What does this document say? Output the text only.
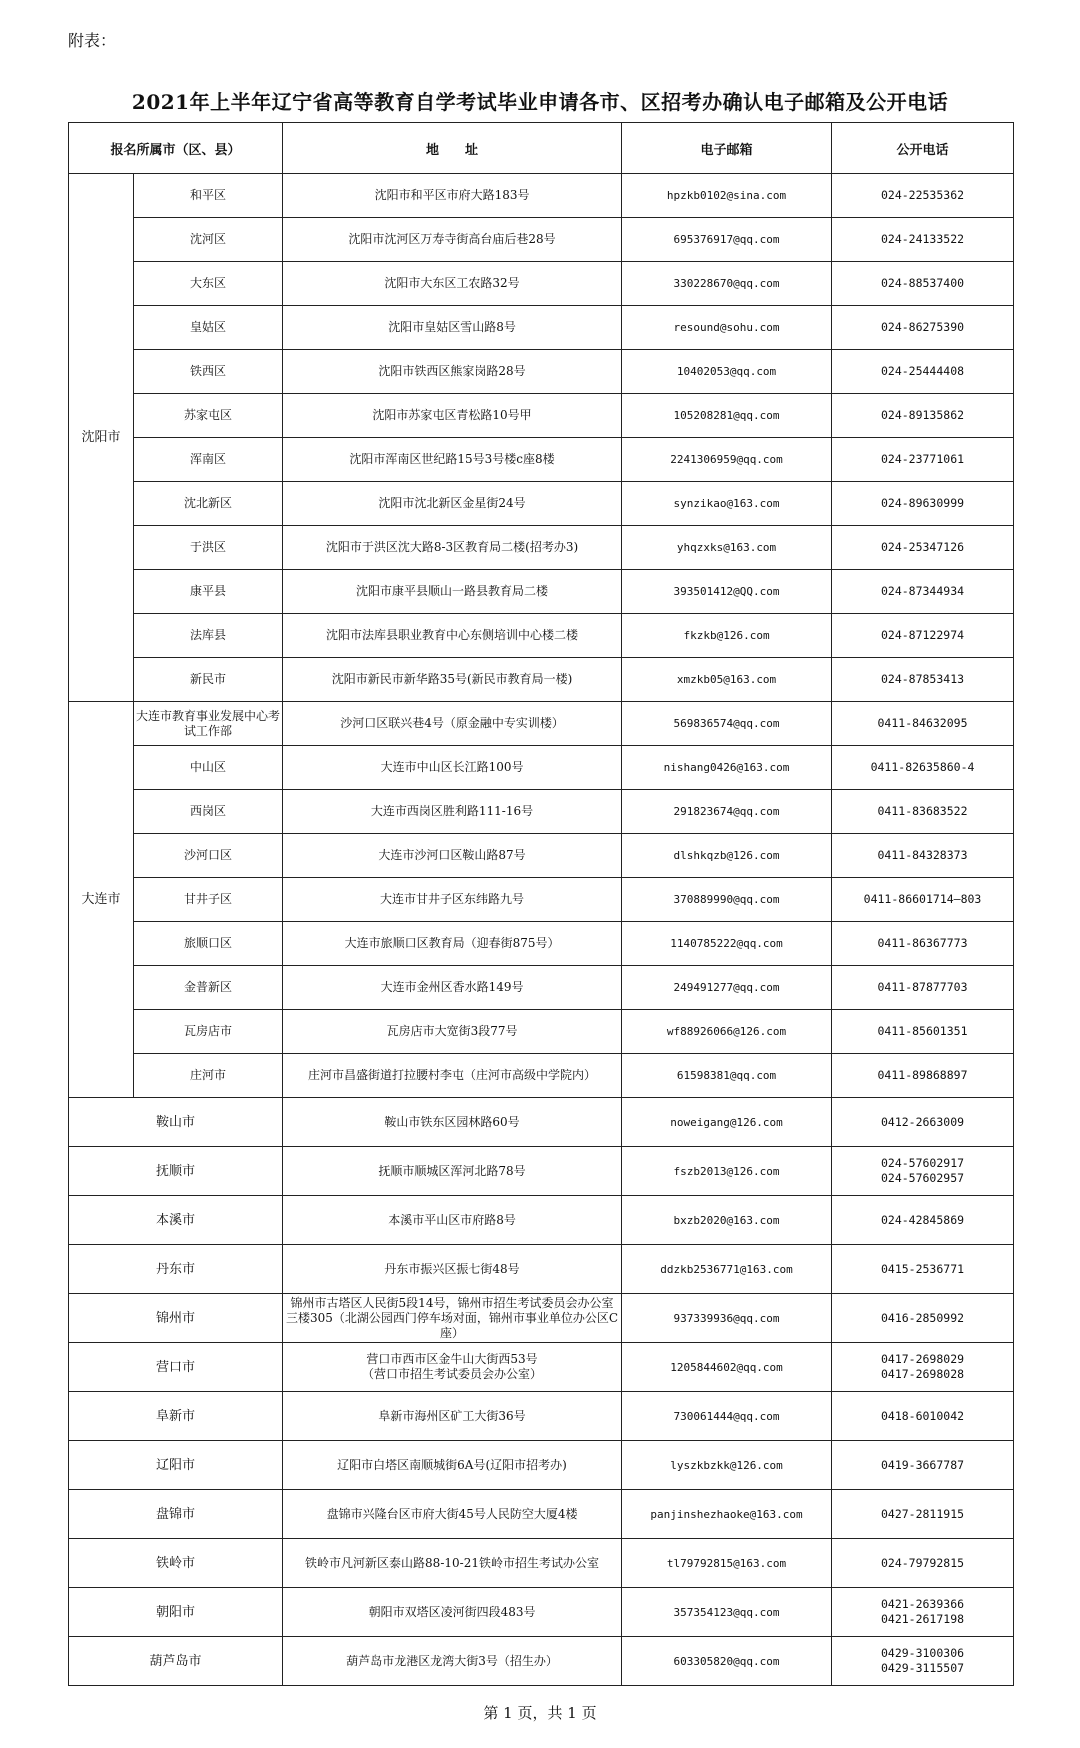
附表：
2021年上半年辽宁省高等教育自学考试毕业申请各市、区招考办确认电子邮箱及公开电话
报名所属市（区、县）		地　　址	电子邮箱	公开电话
沈阳市	和平区	沈阳市和平区市府大路183号	hpzkb0102@sina.com	024-22535362
	沈河区	沈阳市沈河区万寿寺街高台庙后巷28号	695376917@qq.com	024-24133522
	大东区	沈阳市大东区工农路32号	330228670@qq.com	024-88537400
	皇姑区	沈阳市皇姑区雪山路8号	resound@sohu.com	024-86275390
	铁西区	沈阳市铁西区熊家岗路28号	10402053@qq.com	024-25444408
	苏家屯区	沈阳市苏家屯区青松路10号甲	105208281@qq.com	024-89135862
	浑南区	沈阳市浑南区世纪路15号3号楼c座8楼	2241306959@qq.com	024-23771061
	沈北新区	沈阳市沈北新区金星街24号	synzikao@163.com	024-89630999
	于洪区	沈阳市于洪区沈大路8-3区教育局二楼(招考办3)	yhqzxks@163.com	024-25347126
	康平县	沈阳市康平县顺山一路县教育局二楼	393501412@QQ.com	024-87344934
	法库县	沈阳市法库县职业教育中心东侧培训中心楼二楼	fkzkb@126.com	024-87122974
	新民市	沈阳市新民市新华路35号(新民市教育局一楼)	xmzkb05@163.com	024-87853413
大连市	大连市教育事业发展中心考试工作部	沙河口区联兴巷4号（原金融中专实训楼）	569836574@qq.com	0411-84632095
	中山区	大连市中山区长江路100号	nishang0426@163.com	0411-82635860-4
	西岗区	大连市西岗区胜利路111-16号	291823674@qq.com	0411-83683522
	沙河口区	大连市沙河口区鞍山路87号	dlshkqzb@126.com	0411-84328373
	甘井子区	大连市甘井子区东纬路九号	370889990@qq.com	0411-86601714—803
	旅顺口区	大连市旅顺口区教育局（迎春街875号）	1140785222@qq.com	0411-86367773
	金普新区	大连市金州区香水路149号	249491277@qq.com	0411-87877703
	瓦房店市	瓦房店市大宽街3段77号	wf88926066@126.com	0411-85601351
	庄河市	庄河市昌盛街道打拉腰村李屯（庄河市高级中学院内）	61598381@qq.com	0411-89868897
鞍山市		鞍山市铁东区园林路60号	noweigang@126.com	0412-2663009
抚顺市		抚顺市顺城区浑河北路78号	fszb2013@126.com	024-57602917
024-57602957
本溪市		本溪市平山区市府路8号	bxzb2020@163.com	024-42845869
丹东市		丹东市振兴区振七街48号	ddzkb2536771@163.com	0415-2536771
锦州市		锦州市古塔区人民街5段14号，锦州市招生考试委员会办公室三楼305（北湖公园西门停车场对面，锦州市事业单位办公区C座）	937339936@qq.com	0416-2850992
营口市		营口市西市区金牛山大街西53号
（营口市招生考试委员会办公室）	1205844602@qq.com	0417-2698029
0417-2698028
阜新市		阜新市海州区矿工大街36号	730061444@qq.com	0418-6010042
辽阳市		辽阳市白塔区南顺城街6A号(辽阳市招考办)	lyszkbzkk@126.com	0419-3667787
盘锦市		盘锦市兴隆台区市府大街45号人民防空大厦4楼	panjinshezhaoke@163.com	0427-2811915
铁岭市		铁岭市凡河新区泰山路88-10-21铁岭市招生考试办公室	tl79792815@163.com	024-79792815
朝阳市		朝阳市双塔区凌河街四段483号	357354123@qq.com	0421-2639366
0421-2617198
葫芦岛市		葫芦岛市龙港区龙湾大街3号（招生办）	603305820@qq.com	0429-3100306
0429-3115507
第 1 页，共 1 页
